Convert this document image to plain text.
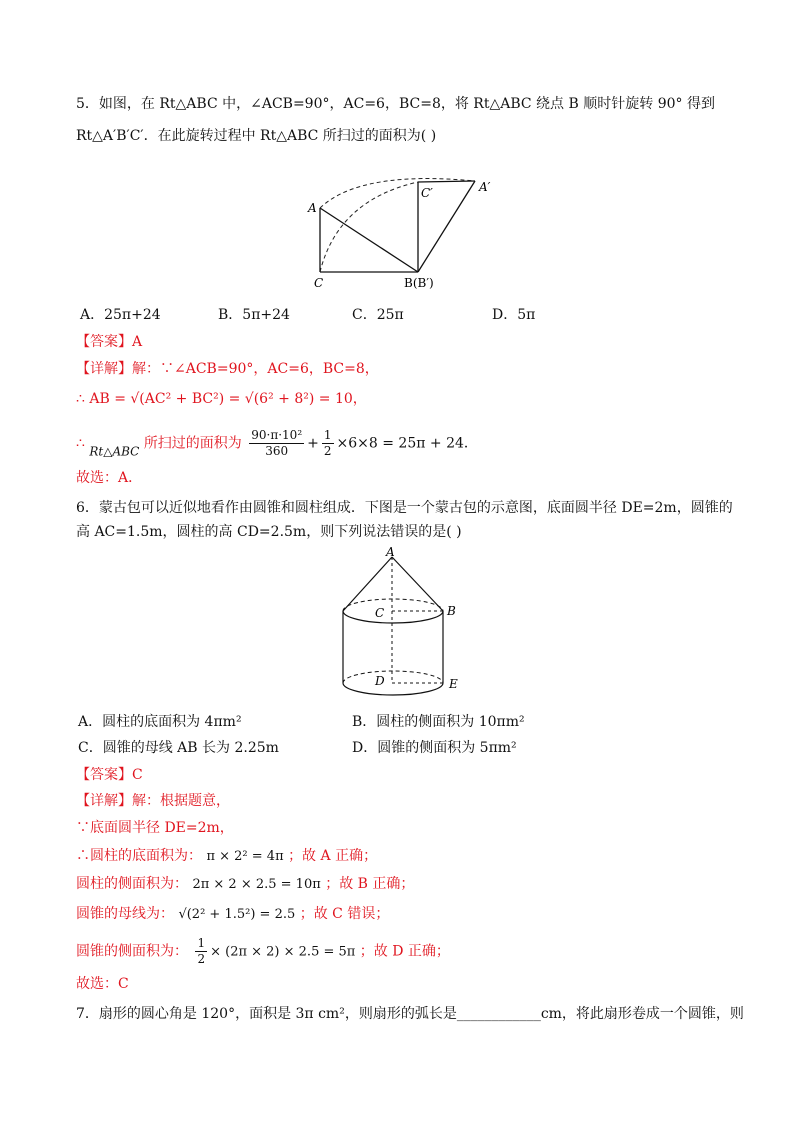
5．如图，在 Rt△ABC 中，∠ACB=90°，AC=6，BC=8，将 Rt△ABC 绕点 B 顺时针旋转 90° 得到
Rt△A′B′C′．在此旋转过程中 Rt△ABC 所扫过的面积为( )
A
C	B(B′)
C′	A′
A．25π+24	B．5π+24	C．25π	D．5π
【答案】A
【详解】解：∵∠ACB=90°，AC=6，BC=8，
∴ AB = √(AC² + BC²) = √(6² + 8²) = 10，
∴ Rt△ABC 所扫过的面积为 $\frac{\text{90·π·10²}}{360} + \frac{1}{2} \times 6\times 8 = 25\pi + 24$．
故选：A．
6．蒙古包可以近似地看作由圆锥和圆柱组成．下图是一个蒙古包的示意图，底面圆半径 DE=2m，圆锥的
高 AC=1.5m，圆柱的高 CD=2.5m，则下列说法错误的是( )
A
B
C
D	E
A．圆柱的底面积为 4πm²	B．圆柱的侧面积为 10πm²
C．圆锥的母线 AB 长为 2.25m	D．圆锥的侧面积为 5πm²
【答案】C
【详解】解：根据题意，
∵底面圆半径 DE=2m，
∴圆柱的底面积为： π × 2² = 4π ；故 A 正确；
圆柱的侧面积为： 2π × 2 × 2.5 = 10π ；故 B 正确；
圆锥的母线为： √(2² + 1.5²) = 2.5 ；故 C 错误；
圆锥的侧面积为： $\frac{1}{2} \times (2\pi \times 2) \times 2.5 = 5\pi$ ；故 D 正确；
故选：C
7．扇形的圆心角是 120°，面积是 3π cm²，则扇形的弧长是____________cm，将此扇形卷成一个圆锥，则
